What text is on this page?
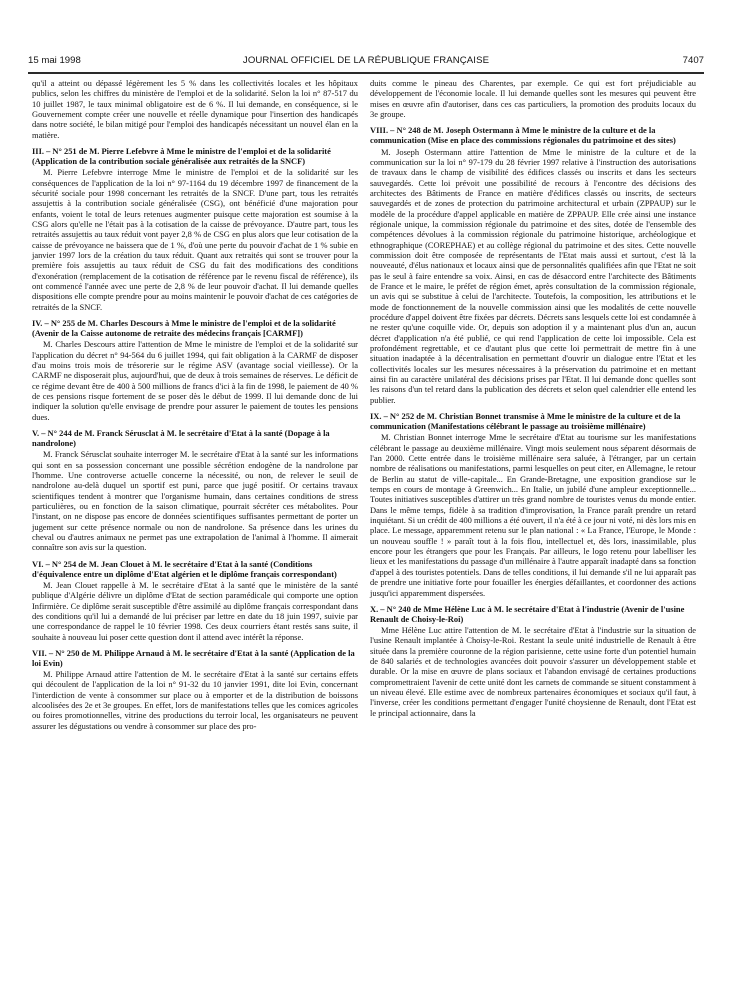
15 mai 1998	JOURNAL OFFICIEL DE LA RÉPUBLIQUE FRANÇAISE	7407

qu'il a atteint ou dépassé légèrement les 5 % dans les collectivités locales et les hôpitaux publics, selon les chiffres du ministère de l'emploi et de la solidarité. Selon la loi n° 87-517 du 10 juillet 1987, le taux minimal obligatoire est de 6 %. Il lui demande, en conséquence, si le Gouvernement compte créer une nouvelle et réelle dynamique pour l'insertion des handicapés dans notre société, le bilan mitigé pour l'emploi des handicapés nécessitant un nouvel élan en la matière.

III. – N° 251 de M. Pierre Lefebvre à Mme le ministre de l'emploi et de la solidarité (Application de la contribution sociale généralisée aux retraités de la SNCF)

M. Pierre Lefebvre interroge Mme le ministre de l'emploi et de la solidarité sur les conséquences de l'application de la loi n° 97-1164 du 19 décembre 1997 de financement de la sécurité sociale pour 1998 concernant les retraités de la SNCF. D'une part, tous les retraités assujettis à la contribution sociale généralisée (CSG), ont bénéficié d'une majoration pour enfants, voient le total de leurs retenues augmenter puisque cette majoration est soumise à la CSG alors qu'elle ne l'était pas à la cotisation de la caisse de prévoyance. D'autre part, tous les retraités assujettis au taux réduit vont payer 2,8 % de CSG en plus alors que leur cotisation de la caisse de prévoyance ne baissera que de 1 %, d'où une perte du pouvoir d'achat de 1 % subie en janvier 1997 lors de la création du taux réduit. Quant aux retraités qui sont se trouver pour la première fois assujettis au taux réduit de CSG du fait des modifications des conditions d'exonération (remplacement de la cotisation de référence par le revenu fiscal de référence), ils ont commencé l'année avec une perte de 2,8 % de leur pouvoir d'achat. Il lui demande quelles dispositions elle compte prendre pour au moins maintenir le pouvoir d'achat de ces catégories de retraités de la SNCF.

IV. – N° 255 de M. Charles Descours à Mme le ministre de l'emploi et de la solidarité (Avenir de la Caisse autonome de retraite des médecins français [CARMF])

M. Charles Descours attire l'attention de Mme le ministre de l'emploi et de la solidarité sur l'application du décret n° 94-564 du 6 juillet 1994, qui fait obligation à la CARMF de disposer d'au moins trois mois de trésorerie sur le régime ASV (avantage social vieillesse). Or la CARMF ne disposerait plus, aujourd'hui, que de deux à trois semaines de réserves. Le déficit de ce régime devant être de 400 à 500 millions de francs d'ici à la fin de 1998, le paiement de 40 % de ces pensions risque fortement de se poser dès le début de 1999. Il lui demande donc de lui indiquer la solution qu'elle envisage de prendre pour assurer le paiement de toutes les pensions dues.

V. – N° 244 de M. Franck Sérusclat à M. le secrétaire d'Etat à la santé (Dopage à la nandrolone)

M. Franck Sérusclat souhaite interroger M. le secrétaire d'Etat à la santé sur les informations qui sont en sa possession concernant une possible sécrétion endogène de la nandrolone par l'homme. Une controverse actuelle concerne la nécessité, ou non, de relever le seuil de nandrolone au-delà duquel un sportif est puni, parce que jugé positif. Or certains travaux scientifiques tendent à montrer que l'organisme humain, dans certaines conditions de stress particulières, ou en fonction de la saison climatique, pourrait sécréter ces métabolites. Pour l'instant, on ne dispose pas encore de données scientifiques suffisantes permettant de porter un jugement sur cette présence normale ou non de nandrolone. Sa présence dans les urines du cheval ou d'autres animaux ne permet pas une extrapolation de l'animal à l'homme. Il aimerait connaître son avis sur la question.

VI. – N° 254 de M. Jean Clouet à M. le secrétaire d'Etat à la santé (Conditions d'équivalence entre un diplôme d'Etat algérien et le diplôme français correspondant)

M. Jean Clouet rappelle à M. le secrétaire d'Etat à la santé que le ministère de la santé publique d'Algérie délivre un diplôme d'Etat de section paramédicale qui comporte une option Infirmière. Ce diplôme serait susceptible d'être assimilé au diplôme français correspondant dans des conditions qu'il lui a demandé de lui préciser par lettre en date du 18 juin 1997, suivie par une correspondance de rappel le 10 février 1998. Ces deux courriers étant restés sans suite, il souhaite à nouveau lui poser cette question dont il attend avec intérêt la réponse.

VII. – N° 250 de M. Philippe Arnaud à M. le secrétaire d'Etat à la santé (Application de la loi Evin)

M. Philippe Arnaud attire l'attention de M. le secrétaire d'Etat à la santé sur certains effets qui découlent de l'application de la loi n° 91-32 du 10 janvier 1991, dite loi Evin, concernant l'interdiction de vente à consommer sur place ou à emporter et de la distribution de boissons alcoolisées des 2e et 3e groupes. En effet, lors de manifestations telles que les comices agricoles ou foires promotionnelles, vitrine des productions du terroir local, les organisateurs ne peuvent assurer les dégustations ou vendre à consommer sur place des pro-

duits comme le pineau des Charentes, par exemple. Ce qui est fort préjudiciable au développement de l'économie locale. Il lui demande quelles sont les mesures qui peuvent être mises en œuvre afin d'autoriser, dans ces cas particuliers, la promotion des produits locaux du 3e groupe.

VIII. – N° 248 de M. Joseph Ostermann à Mme le ministre de la culture et de la communication (Mise en place des commissions régionales du patrimoine et des sites)

M. Joseph Ostermann attire l'attention de Mme le ministre de la culture et de la communication sur la loi n° 97-179 du 28 février 1997 relative à l'instruction des autorisations de travaux dans le champ de visibilité des édifices classés ou inscrits et dans les secteurs sauvegardés. Cette loi prévoit une possibilité de recours à l'encontre des décisions des architectes des Bâtiments de France en matière d'édifices classés ou inscrits, de secteurs sauvegardés et de zones de protection du patrimoine architectural et urbain (ZPPAUP) sur le modèle de la procédure d'appel applicable en matière de ZPPAUP. Elle crée ainsi une instance régionale unique, la commission régionale du patrimoine et des sites, dotée de l'ensemble des compétences dévolues à la commission régionale du patrimoine historique, archéologique et ethnographique (COREPHAE) et au collège régional du patrimoine et des sites. Cette nouvelle commission doit être composée de représentants de l'Etat mais aussi et surtout, c'est là la nouveauté, d'élus nationaux et locaux ainsi que de personnalités qualifiées afin que l'Etat ne soit pas le seul à faire entendre sa voix. Ainsi, en cas de désaccord entre l'architecte des Bâtiments de France et le maire, le préfet de région émet, après consultation de la commission régionale, un avis qui se substitue à celui de l'architecte. Toutefois, la composition, les attributions et le mode de fonctionnement de la nouvelle commission ainsi que les modalités de cette nouvelle procédure d'appel doivent être fixées par décrets. Décrets sans lesquels cette loi est condamnée à ne rester qu'une coquille vide. Or, depuis son adoption il y a maintenant plus d'un an, aucun décret d'application n'a été publié, ce qui rend l'application de cette loi impossible. Cela est profondément regrettable, et ce d'autant plus que cette loi permettrait de mettre fin à une situation inadaptée à la décentralisation en permettant d'ouvrir un dialogue entre l'Etat et les collectivités locales sur les mesures nécessaires à la préservation du patrimoine et en mettant ainsi fin au caractère unilatéral des décisions prises par l'Etat. Il lui demande donc quelles sont les raisons d'un tel retard dans la publication des décrets et selon quel calendrier elle entend les publier.

IX. – N° 252 de M. Christian Bonnet transmise à Mme le ministre de la culture et de la communication (Manifestations célébrant le passage au troisième millénaire)

M. Christian Bonnet interroge Mme le secrétaire d'Etat au tourisme sur les manifestations célébrant le passage au deuxième millénaire. Vingt mois seulement nous séparent désormais de l'an 2000. Cette entrée dans le troisième millénaire sera saluée, à l'étranger, par un certain nombre de réalisations ou manifestations, parmi lesquelles on peut citer, en Allemagne, le retour de Berlin au statut de ville-capitale... En Grande-Bretagne, une exposition grandiose sur le temps en cours de montage à Greenwich... En Italie, un jubilé d'une ampleur exceptionnelle... Toutes initiatives susceptibles d'attirer un très grand nombre de touristes venus du monde entier. Dans le même temps, fidèle à sa tradition d'improvisation, la France paraît prendre un retard inquiétant. Si un crédit de 400 millions a été ouvert, il n'a été à ce jour ni voté, ni dès lors mis en place. Le message, apparemment retenu sur le plan national : « La France, l'Europe, le Monde : un nouveau souffle ! » paraît tout à la fois flou, intellectuel et, dès lors, inassimilable, plus encore pour les étrangers que pour les Français. Par ailleurs, le logo retenu pour labelliser les lieux et les manifestations du passage d'un millénaire à l'autre apparaît inadapté dans sa fonction d'appel à des touristes potentiels. Dans de telles conditions, il lui demande s'il ne lui apparaît pas de prendre une initiative forte pour fouailler les énergies défaillantes, et coordonner des actions jusqu'ici apparemment dispersées.

X. – N° 240 de Mme Hélène Luc à M. le secrétaire d'Etat à l'industrie (Avenir de l'usine Renault de Choisy-le-Roi)

Mme Hélène Luc attire l'attention de M. le secrétaire d'Etat à l'industrie sur la situation de l'usine Renault implantée à Choisy-le-Roi. Restant la seule unité industrielle de Renault à être située dans la première couronne de la région parisienne, cette usine forte d'un potentiel humain de 840 salariés et de technologies avancées doit pouvoir s'assurer un développement stable et durable. Or la mise en œuvre de plans sociaux et l'abandon envisagé de certaines productions compromettraient l'avenir de cette unité dont les carnets de commande se situent constamment à un niveau élevé. Elle estime avec de nombreux partenaires économiques et sociaux qu'il faut, à l'inverse, créer les conditions permettant d'engager l'unité choysienne de Renault, dont l'Etat est le principal actionnaire, dans la
